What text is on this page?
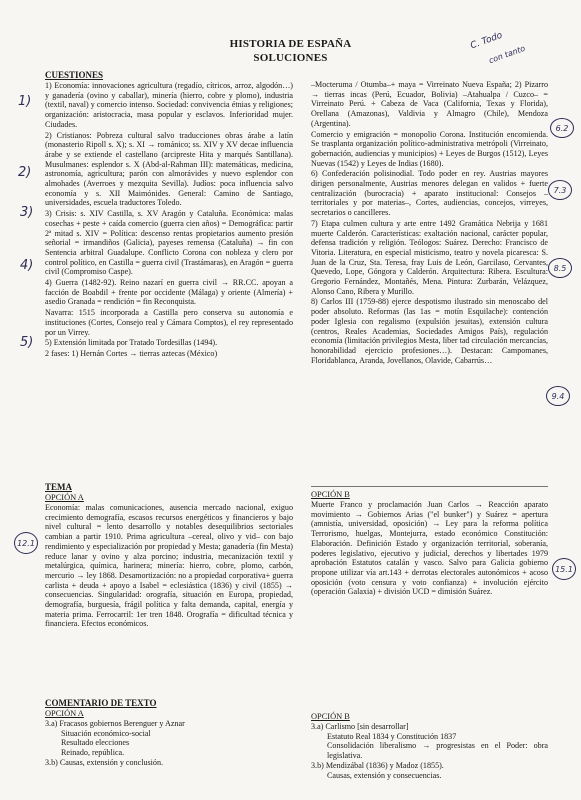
HISTORIA DE ESPAÑA
SOLUCIONES
CUESTIONES

1) Economía: innovaciones agricultura (regadío, cítricos, arroz, algodón…) y ganadería (ovino y caballar), minería (hierro, cobre y plomo), industria (textil, naval) y comercio intenso. Sociedad: convivencia étnias y religiones; organización: aristocracia, masa popular y esclavos. Inferioridad mujer. Ciudades.

2) Cristianos: Pobreza cultural salvo traducciones obras árabe a latín (monasterio Ripoll s. X); s. XI → románico; ss. XIV y XV decae influencia árabe y se extiende el castellano (arcipreste Hita y marqués Santillana). Musulmanes: esplendor s. X (Abd-al-Rahman III): matemáticas, medicina, astronomía, agricultura; parón con almorávides y nuevo esplendor con almohades (Averroes y mezquita Sevilla). Judíos: poca influencia salvo economía y s. XII Maimónides. General: Camino de Santiago, universidades, escuela traductores Toledo.

3) Crisis: s. XIV Castilla, s. XV Aragón y Cataluña. Económica: malas cosechas + peste + caída comercio (guerra cien años) = Demográfica: partir 2ª mitad s. XIV = Política: descenso rentas propietarios aumento presión señorial = irmandiños (Galicia), payeses remensa (Cataluña) → fin con Sentencia arbitral Guadalupe. Conflicto Corona con nobleza y clero por control político, en Castilla = guerra civil (Trastámaras), en Aragón = guerra civil (Compromiso Caspe).

4) Guerra (1482-92). Reino nazarí en guerra civil → RR.CC. apoyan a facción de Boabdil + frente por occidente (Málaga) y oriente (Almería) + asedio Granada = rendición = fin Reconquista.

Navarra: 1515 incorporada a Castilla pero conserva su autonomía e instituciones (Cortes, Consejo real y Cámara Comptos), el rey representado por un Virrey.

5) Extensión limitada por Tratado Tordesillas (1494).

2 fases: 1) Hernán Cortes → tierras aztecas (México)

–Mocteruma / Otumba–+ maya = Virreinato Nueva España; 2) Pizarro → tierras incas (Perú, Ecuador, Bolivia) –Atahualpa / Cuzco– = Virreinato Perú. + Cabeza de Vaca (California, Texas y Florida), Orellana (Amazonas), Valdivia y Almagro (Chile), Mendoza (Argentina).

Comercio y emigración = monopolio Corona. Institución encomienda. Se trasplanta organización político-administrativa metrópoli (Virreinato, gobernación, audiencias y municipios) + Leyes de Burgos (1512), Leyes Nuevas (1542) y Leyes de Indias (1680).

6) Confederación polisinodial. Todo poder en rey. Austrias mayores dirigen personalmente, Austrias menores delegan en validos + fuerte centralización (burocracia) + aparato institucional: Consejos – territoriales y por materias–, Cortes, audiencias, concejos, virreyes, secretarios o cancilleres.

7) Etapa culmen cultura y arte entre 1492 Gramática Nebrija y 1681 muerte Calderón. Características: exaltación nacional, carácter popular, defensa tradición y religión. Teólogos: Suárez. Derecho: Francisco de Vitoria. Literatura, en especial misticismo, teatro y novela picaresca: S. Juan de la Cruz, Sta. Teresa, fray Luis de León, Garcilaso, Cervantes, Quevedo, Lope, Góngora y Calderón. Arquitectura: Ribera. Escultura: Gregorio Fernández, Montañés, Mena. Pintura: Zurbarán, Velázquez, Alonso Cano, Ribera y Murillo.

8) Carlos III (1759-88) ejerce despotismo ilustrado sin menoscabo del poder absoluto. Reformas (las 1as = motín Esquilache): contención poder Iglesia con regalismo (expulsión jesuitas), extensión cultura (centros, Reales Academias, Sociedades Amigos País), regulación economía (limitación privilegios Mesta, liber tad circulación mercancías, honorabilidad ejercicio profesiones…). Destacan: Campomanes, Floridablanca, Aranda, Jovellanos, Olavide, Cabarrús…

TEMA
OPCIÓN A

Economía: malas comunicaciones, ausencia mercado nacional, exiguo crecimiento demografía, escasos recursos energéticos y financieros y bajo nivel cultural = lento desarrollo y notables desequilibrios sectoriales cambian a partir 1910. Prima agricultura –cereal, olivo y vid– con bajo rendimiento y especialización por propiedad y Mesta; ganadería (fin Mesta) reduce lanar y ovino y alza porcino; industria, mecanización textil y metalúrgica, química, harinera; minería: hierro, cobre, plomo, carbón, mercurio → ley 1868. Desamortización: no a propiedad corporativa+ guerra carlista + deuda + apoyo a Isabel = eclesiástica (1836) y civil (1855) → consecuencias. Singularidad: orografía, situación en Europa, propiedad, demografía, burguesía, frágil política y falta demanda, capital, energía y materia prima. Ferrocarril: 1er tren 1848. Orografía = dificultad técnica y financiera. Efectos económicos.

OPCIÓN B

Muerte Franco y proclamación Juan Carlos → Reacción aparato movimiento → Gobiernos Arias ("el bunker") y Suárez = apertura (amnistía, universidad, oposición) → Ley para la reforma política Terrorismo, huelgas, Montejurra, estado económico Constitución: Elaboración. Definición Estado y organización territorial, soberanía, poderes legislativo, ejecutivo y judicial, derechos y libertades 1979 aprobación Estatutos catalán y vasco. Salvo para Galicia gobierno propone utilizar vía art.143 + derrotas electorales autonómicos + acoso oposición (voto censura y voto confianza) + involución ejército (operación Galaxia) + división UCD = dimisión Suárez.

COMENTARIO DE TEXTO
OPCIÓN A
3.a) Fracasos gobiernos Berenguer y Aznar
Situación económico-social
Resultado elecciones
Reinado, república.
3.b) Causas, extensión y conclusión.
OPCIÓN B
3.a) Carlismo [sin desarrollar]
Estatuto Real 1834 y Constitución 1837
Consolidación liberalismo → progresistas en el Poder: obra legislativa.
3.b) Mendizábal (1836) y Madoz (1855).
Causas, extensión y consecuencias.
C. Todo
con tanto
1)
2)
3)
4)
5)
6.2
7.3
8.5
9.4
12.1
15.1
